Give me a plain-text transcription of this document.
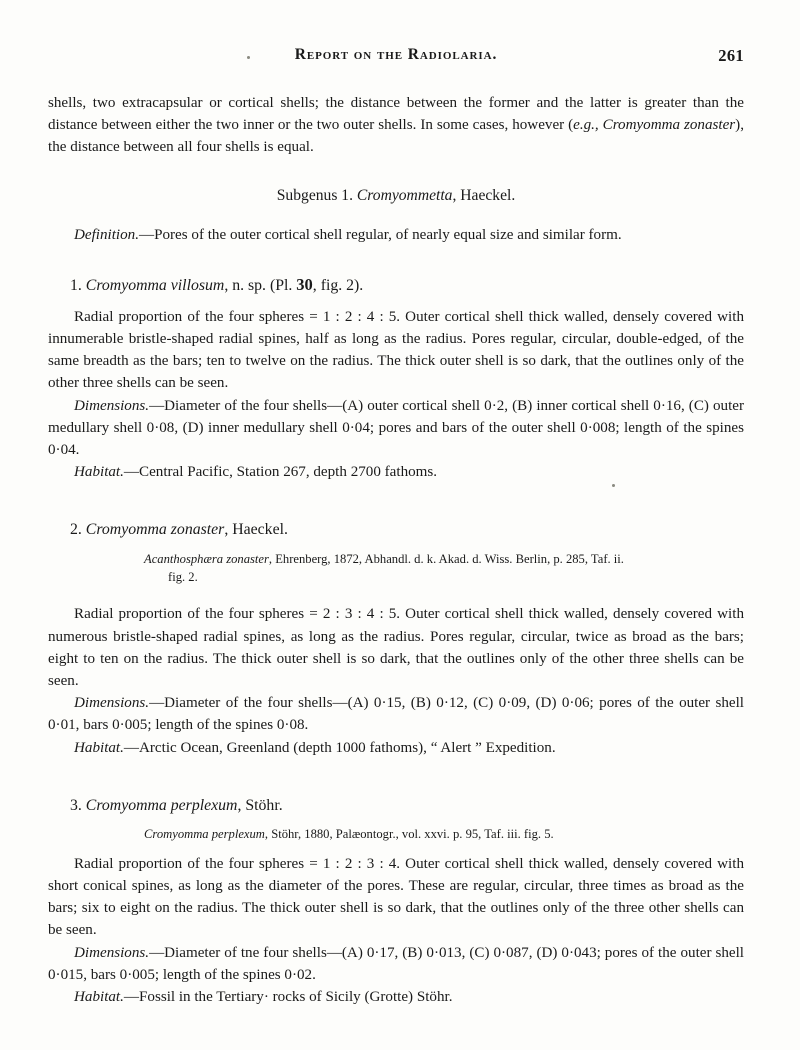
Report on the Radiolaria.	261

shells, two extracapsular or cortical shells; the distance between the former and the latter is greater than the distance between either the two inner or the two outer shells. In some cases, however (e.g., Cromyomma zonaster), the distance between all four shells is equal.

Subgenus 1. Cromyommetta, Haeckel.

Definition.—Pores of the outer cortical shell regular, of nearly equal size and similar form.

1. Cromyomma villosum, n. sp. (Pl. 30, fig. 2).

Radial proportion of the four spheres = 1 : 2 : 4 : 5. Outer cortical shell thick walled, densely covered with innumerable bristle-shaped radial spines, half as long as the radius. Pores regular, circular, double-edged, of the same breadth as the bars; ten to twelve on the radius. The thick outer shell is so dark, that the outlines only of the other three shells can be seen.

Dimensions.—Diameter of the four shells—(A) outer cortical shell 0·2, (B) inner cortical shell 0·16, (C) outer medullary shell 0·08, (D) inner medullary shell 0·04; pores and bars of the outer shell 0·008; length of the spines 0·04.

Habitat.—Central Pacific, Station 267, depth 2700 fathoms.

2. Cromyomma zonaster, Haeckel.

Acanthosphæra zonaster, Ehrenberg, 1872, Abhandl. d. k. Akad. d. Wiss. Berlin, p. 285, Taf. ii.

fig. 2.

Radial proportion of the four spheres = 2 : 3 : 4 : 5. Outer cortical shell thick walled, densely covered with numerous bristle-shaped radial spines, as long as the radius. Pores regular, circular, twice as broad as the bars; eight to ten on the radius. The thick outer shell is so dark, that the outlines only of the other three shells can be seen.

Dimensions.—Diameter of the four shells—(A) 0·15, (B) 0·12, (C) 0·09, (D) 0·06; pores of the outer shell 0·01, bars 0·005; length of the spines 0·08.

Habitat.—Arctic Ocean, Greenland (depth 1000 fathoms), “ Alert ” Expedition.

3. Cromyomma perplexum, Stöhr.

Cromyomma perplexum, Stöhr, 1880, Palæontogr., vol. xxvi. p. 95, Taf. iii. fig. 5.

Radial proportion of the four spheres = 1 : 2 : 3 : 4. Outer cortical shell thick walled, densely covered with short conical spines, as long as the diameter of the pores. These are regular, circular, three times as broad as the bars; six to eight on the radius. The thick outer shell is so dark, that the outlines only of the three other shells can be seen.

Dimensions.—Diameter of tne four shells—(A) 0·17, (B) 0·013, (C) 0·087, (D) 0·043; pores of the outer shell 0·015, bars 0·005; length of the spines 0·02.

Habitat.—Fossil in the Tertiary· rocks of Sicily (Grotte) Stöhr.
